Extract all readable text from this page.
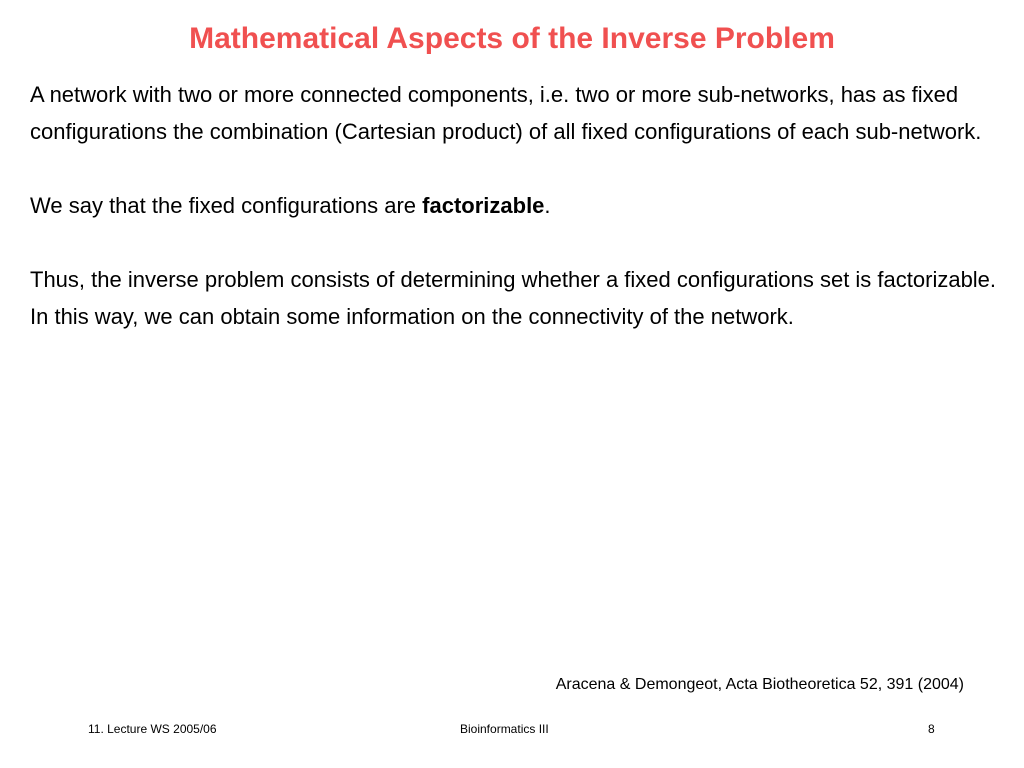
Mathematical Aspects of the Inverse Problem

A network with two or more connected components, i.e. two or more sub-networks, has as fixed configurations the combination (Cartesian product) of all fixed configurations of each sub-network.

We say that the fixed configurations are factorizable.

Thus, the inverse problem consists of determining whether a fixed configurations set is factorizable.

In this way, we can obtain some information on the connectivity of the network.

Aracena & Demongeot, Acta Biotheoretica 52, 391 (2004)
11. Lecture WS 2005/06	Bioinformatics III	8
